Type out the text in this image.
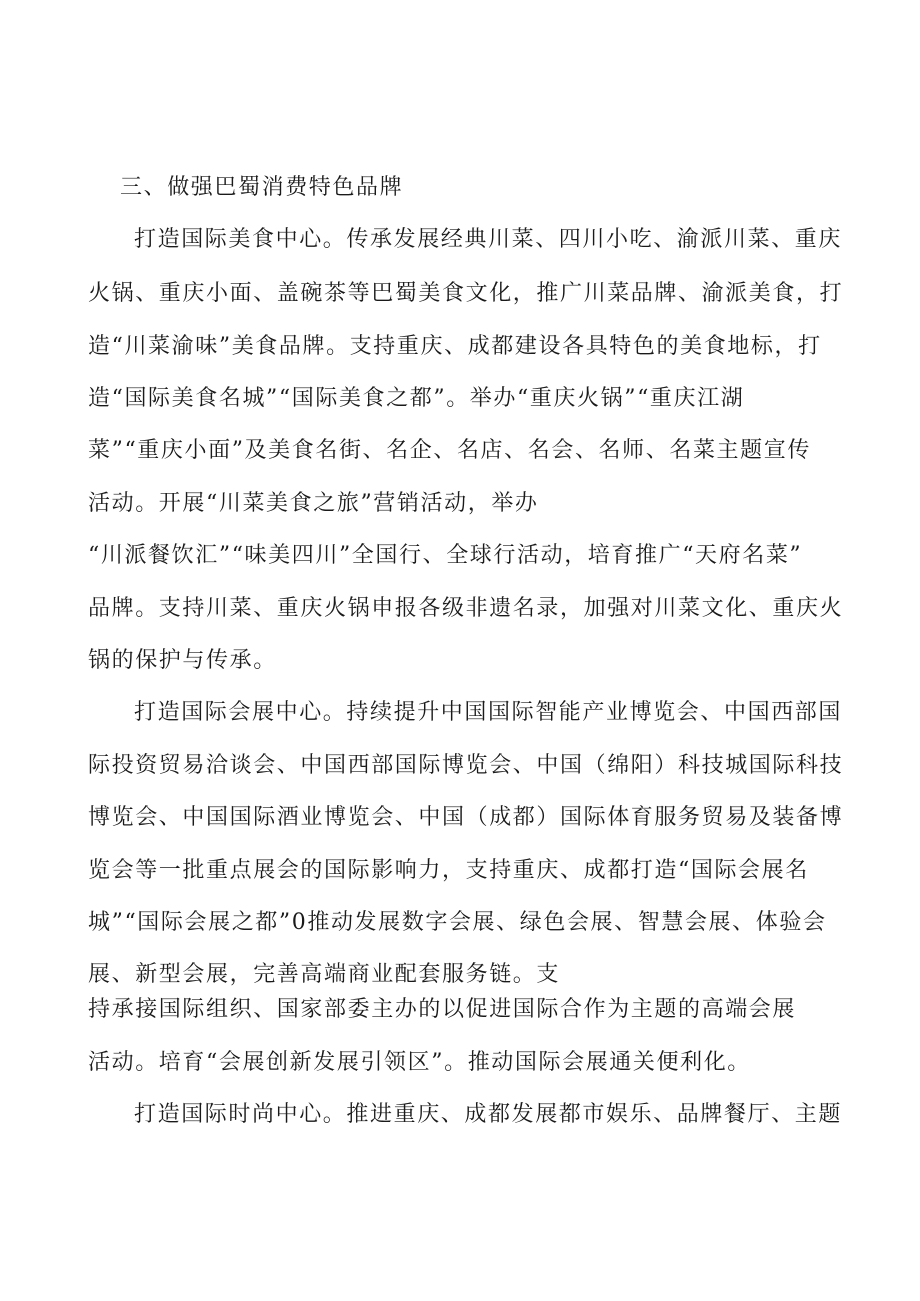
三、做强巴蜀消费特色品牌
打造国际美食中心。传承发展经典川菜、四川小吃、渝派川菜、重庆
火锅、重庆小面、盖碗茶等巴蜀美食文化，推广川菜品牌、渝派美食，打
造“川菜渝味”美食品牌。支持重庆、成都建设各具特色的美食地标，打
造“国际美食名城”“国际美食之都”。举办“重庆火锅”“重庆江湖
菜”“重庆小面”及美食名街、名企、名店、名会、名师、名菜主题宣传
活动。开展“川菜美食之旅”营销活动，举办
“川派餐饮汇”“味美四川”全国行、全球行活动，培育推广“天府名菜”
品牌。支持川菜、重庆火锅申报各级非遗名录，加强对川菜文化、重庆火
锅的保护与传承。
打造国际会展中心。持续提升中国国际智能产业博览会、中国西部国
际投资贸易洽谈会、中国西部国际博览会、中国（绵阳）科技城国际科技
博览会、中国国际酒业博览会、中国（成都）国际体育服务贸易及装备博
览会等一批重点展会的国际影响力，支持重庆、成都打造“国际会展名
城”“国际会展之都”0推动发展数字会展、绿色会展、智慧会展、体验会
展、新型会展，完善高端商业配套服务链。支
持承接国际组织、国家部委主办的以促进国际合作为主题的高端会展
活动。培育“会展创新发展引领区”。推动国际会展通关便利化。
打造国际时尚中心。推进重庆、成都发展都市娱乐、品牌餐厅、主题
